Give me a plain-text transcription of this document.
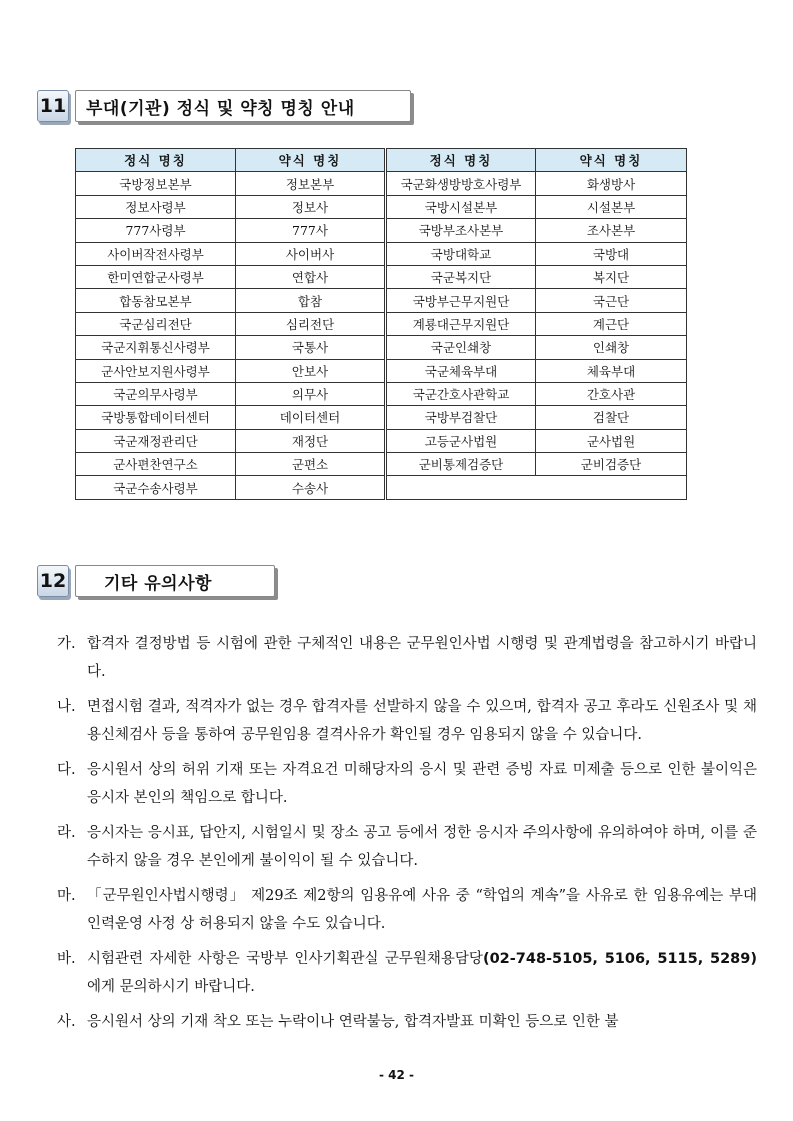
11	부대(기관) 정식 및 약칭 명칭 안내
정식 명칭	약식 명칭	정식 명칭	약식 명칭
국방정보본부	정보본부	국군화생방방호사령부	화생방사
정보사령부	정보사	국방시설본부	시설본부
777사령부	777사	국방부조사본부	조사본부
사이버작전사령부	사이버사	국방대학교	국방대
한미연합군사령부	연합사	국군복지단	복지단
합동참모본부	합참	국방부근무지원단	국근단
국군심리전단	심리전단	계룡대근무지원단	계근단
국군지휘통신사령부	국통사	국군인쇄창	인쇄창
군사안보지원사령부	안보사	국군체육부대	체육부대
국군의무사령부	의무사	국군간호사관학교	간호사관
국방통합데이터센터	데이터센터	국방부검찰단	검찰단
국군재정관리단	재정단	고등군사법원	군사법원
군사편찬연구소	군편소	군비통제검증단	군비검증단
국군수송사령부	수송사		
12	기타 유의사항
가. 합격자 결정방법 등 시험에 관한 구체적인 내용은 군무원인사법 시행령 및 관계법령을 참고하시기 바랍니다.
나. 면접시험 결과, 적격자가 없는 경우 합격자를 선발하지 않을 수 있으며, 합격자 공고 후라도 신원조사 및 채용신체검사 등을 통하여 공무원임용 결격사유가 확인될 경우 임용되지 않을 수 있습니다.
다. 응시원서 상의 허위 기재 또는 자격요건 미해당자의 응시 및 관련 증빙 자료 미제출 등으로 인한 불이익은 응시자 본인의 책임으로 합니다.
라. 응시자는 응시표, 답안지, 시험일시 및 장소 공고 등에서 정한 응시자 주의사항에 유의하여야 하며, 이를 준수하지 않을 경우 본인에게 불이익이 될 수 있습니다.
마. 「군무원인사법시행령」 제29조 제2항의 임용유예 사유 중 “학업의 계속”을 사유로 한 임용유예는 부대 인력운영 사정 상 허용되지 않을 수도 있습니다.
바. 시험관련 자세한 사항은 국방부 인사기획관실 군무원채용담당(02-748-5105, 5106, 5115, 5289)에게 문의하시기 바랍니다.
사. 응시원서 상의 기재 착오 또는 누락이나 연락불능, 합격자발표 미확인 등으로 인한 불
- 42 -
